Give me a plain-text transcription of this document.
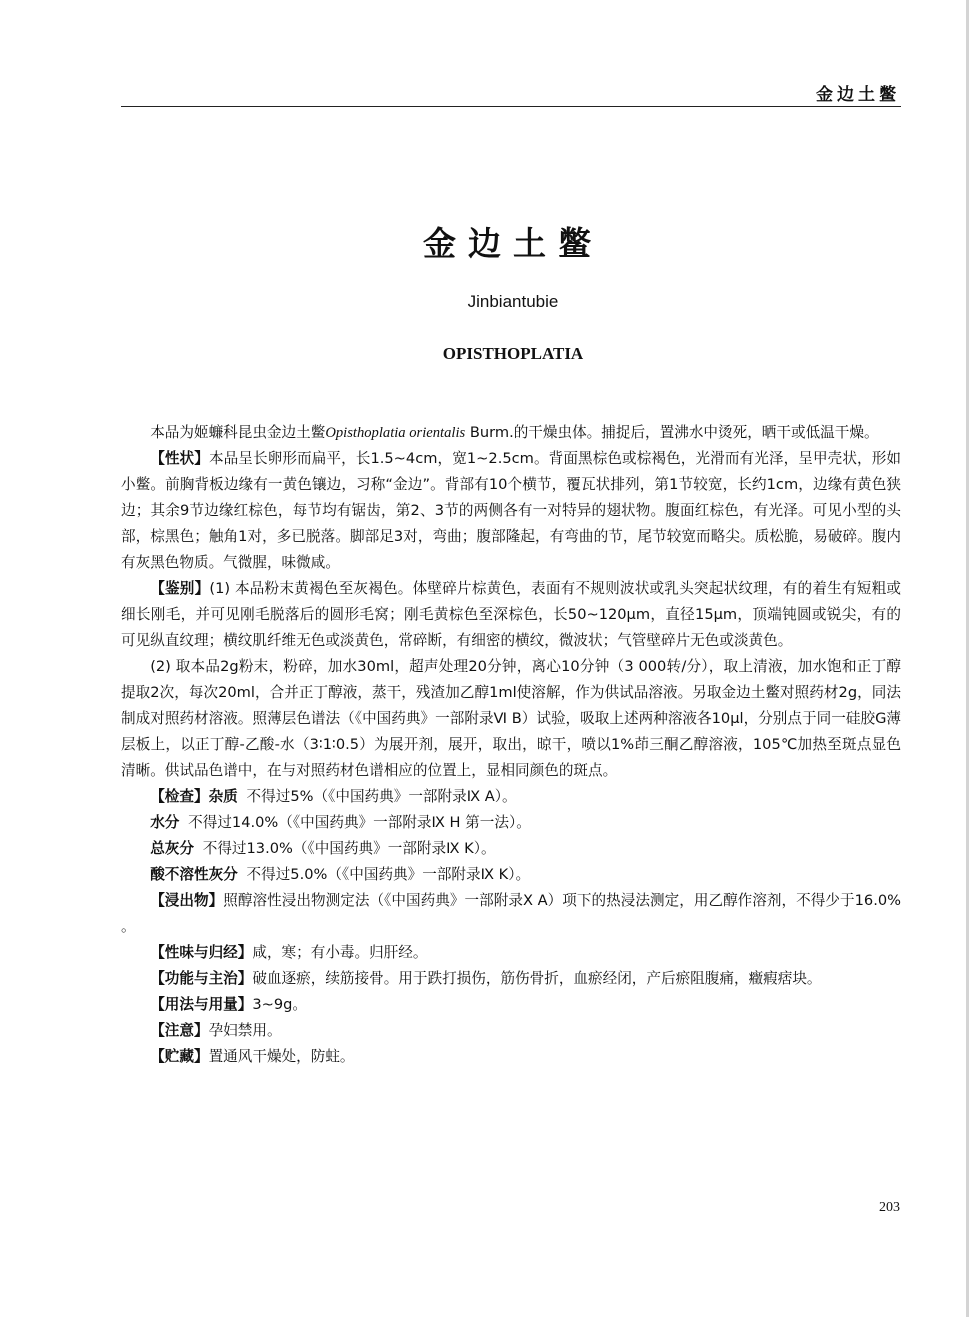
金边土鳖
金边土鳖
Jinbiantubie
OPISTHOPLATIA

本品为姬蠊科昆虫金边土鳖Opisthoplatia orientalis Burm.的干燥虫体。捕捉后，置沸水中烫死，晒干或低温干燥。

【性状】本品呈长卵形而扁平，长1.5~4cm，宽1~2.5cm。背面黑棕色或棕褐色，光滑而有光泽，呈甲壳状，形如小鳖。前胸背板边缘有一黄色镶边，习称“金边”。背部有10个横节，覆瓦状排列，第1节较宽，长约1cm，边缘有黄色狭边；其余9节边缘红棕色，每节均有锯齿，第2、3节的两侧各有一对特异的翅状物。腹面红棕色，有光泽。可见小型的头部，棕黑色；触角1对，多已脱落。脚部足3对，弯曲；腹部隆起，有弯曲的节，尾节较宽而略尖。质松脆，易破碎。腹内有灰黑色物质。气微腥，味微咸。

【鉴别】(1) 本品粉末黄褐色至灰褐色。体壁碎片棕黄色，表面有不规则波状或乳头突起状纹理，有的着生有短粗或细长刚毛，并可见刚毛脱落后的圆形毛窝；刚毛黄棕色至深棕色，长50~120μm，直径15μm，顶端钝圆或锐尖，有的可见纵直纹理；横纹肌纤维无色或淡黄色，常碎断，有细密的横纹，微波状；气管壁碎片无色或淡黄色。

(2) 取本品2g粉末，粉碎，加水30ml，超声处理20分钟，离心10分钟（3 000转/分），取上清液，加水饱和正丁醇提取2次，每次20ml，合并正丁醇液，蒸干，残渣加乙醇1ml使溶解，作为供试品溶液。另取金边土鳖对照药材2g，同法制成对照药材溶液。照薄层色谱法（《中国药典》一部附录Ⅵ B）试验，吸取上述两种溶液各10μl，分别点于同一硅胶G薄层板上，以正丁醇-乙酸-水（3∶1∶0.5）为展开剂，展开，取出，晾干，喷以1%茚三酮乙醇溶液，105℃加热至斑点显色清晰。供试品色谱中，在与对照药材色谱相应的位置上，显相同颜色的斑点。

【检查】杂质 不得过5%（《中国药典》一部附录Ⅸ A）。

水分 不得过14.0%（《中国药典》一部附录Ⅸ H 第一法）。

总灰分 不得过13.0%（《中国药典》一部附录Ⅸ K）。

酸不溶性灰分 不得过5.0%（《中国药典》一部附录Ⅸ K）。

【浸出物】照醇溶性浸出物测定法（《中国药典》一部附录Ⅹ A）项下的热浸法测定，用乙醇作溶剂，不得少于16.0% 。

【性味与归经】咸，寒；有小毒。归肝经。

【功能与主治】破血逐瘀，续筋接骨。用于跌打损伤，筋伤骨折，血瘀经闭，产后瘀阻腹痛，癥瘕痞块。

【用法与用量】3~9g。

【注意】孕妇禁用。

【贮藏】置通风干燥处，防蛀。

203
